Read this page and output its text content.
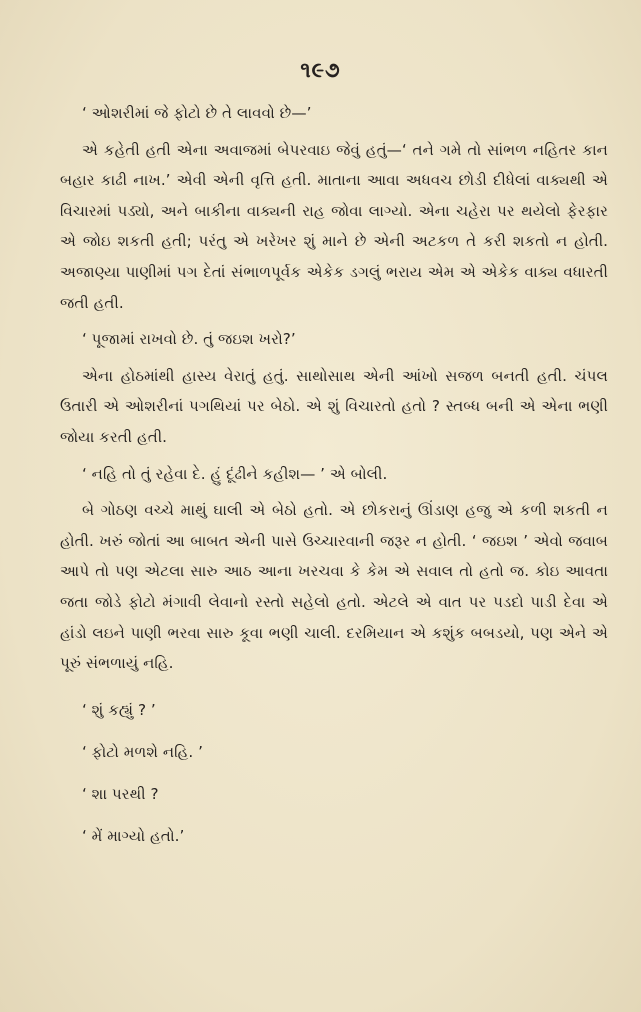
૧૯૭

‘ ઓશરીમાં જે ફોટો છે તે લાવવો છે—’

એ કહેતી હતી એના અવાજમાં બેપરવાઇ જેવું હતું—‘ તને ગમે તો સાંભળ નહિતર કાન બહાર કાઢી નાખ.’ એવી એની વૃત્તિ હતી. માતાના આવા અધવચ છોડી દીધેલાં વાક્યથી એ વિચારમાં પડ્યો, અને બાકીના વાક્યની રાહ જોવા લાગ્યો. એના ચહેરા પર થયેલો ફેરફાર એ જોઇ શકતી હતી; પરંતુ એ ખરેખર શું માને છે એની અટકળ તે કરી શકતો ન હોતી. અજાણ્યા પાણીમાં પગ દેતાં સંભાળપૂર્વક એકેક ડગલું ભરાય એમ એ એકેક વાક્ય વધારતી જતી હતી.

‘ પૂજામાં રાખવો છે. તું જઇશ ખરો?’

એના હોઠમાંથી હાસ્ય વેરાતું હતું. સાથોસાથ એની આંખો સજળ બનતી હતી. ચંપલ ઉતારી એ ઓશરીનાં પગથિયાં પર બેઠો. એ શું વિચારતો હતો ? સ્તબ્ધ બની એ એના ભણી જોયા કરતી હતી.

‘ નહિ તો તું રહેવા દે. હું દૂંઢીને કહીશ— ’ એ બોલી.

બે ગોઠણ વચ્ચે માથું ઘાલી એ બેઠો હતો. એ છોકરાનું ઊંડાણ હજુ એ કળી શકતી ન હોતી. ખરું જોતાં આ બાબત એની પાસે ઉચ્ચારવાની જરૂર ન હોતી. ‘ જઇશ ’ એવો જવાબ આપે તો પણ એટલા સારુ આઠ આના ખરચવા કે કેમ એ સવાલ તો હતો જ. કોઇ આવતા જતા જોડે ફોટો મંગાવી લેવાનો રસ્તો સહેલો હતો. એટલે એ વાત પર પડદો પાડી દેવા એ હાંડો લઇને પાણી ભરવા સારુ કૂવા ભણી ચાલી. દરમિયાન એ કશુંક બબડયો, પણ એને એ પૂરું સંભળાયું નહિ.

‘ શું કહ્યું ? ’

‘ ફોટો મળશે નહિ. ’

‘ શા પરથી ?

‘ મેં માગ્યો હતો.’
